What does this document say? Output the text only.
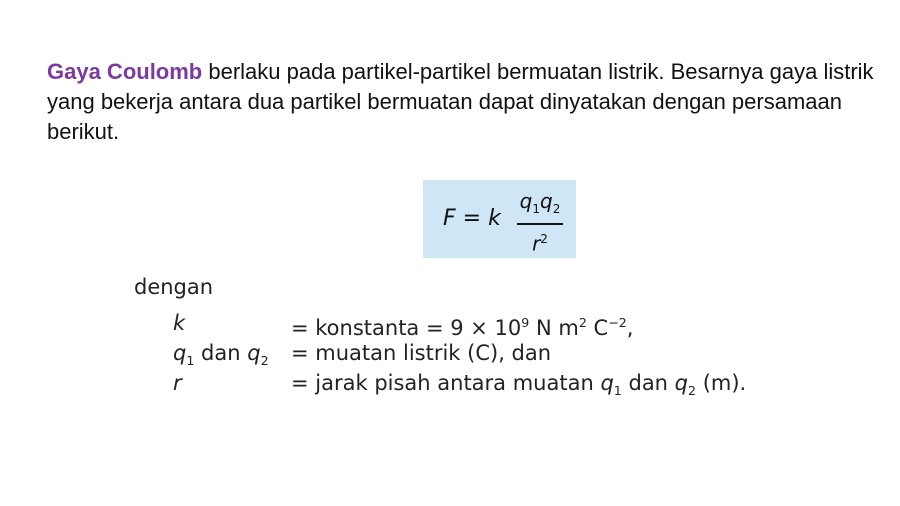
Gaya Coulomb berlaku pada partikel-partikel bermuatan listrik. Besarnya gaya listrik yang bekerja antara dua partikel bermuatan dapat dinyatakan dengan persamaan berikut.

F = k
$q_1q_2$
$r^2$

dengan

k	= konstanta = $9 \times 10^9$ N $m^2$ $C^{-2}$,
$q_1$ dan $q_2 = muatan$ listrik (C), dan
r	= jarak pisah antara muatan $q_1$ dan $q_2$ (m).
